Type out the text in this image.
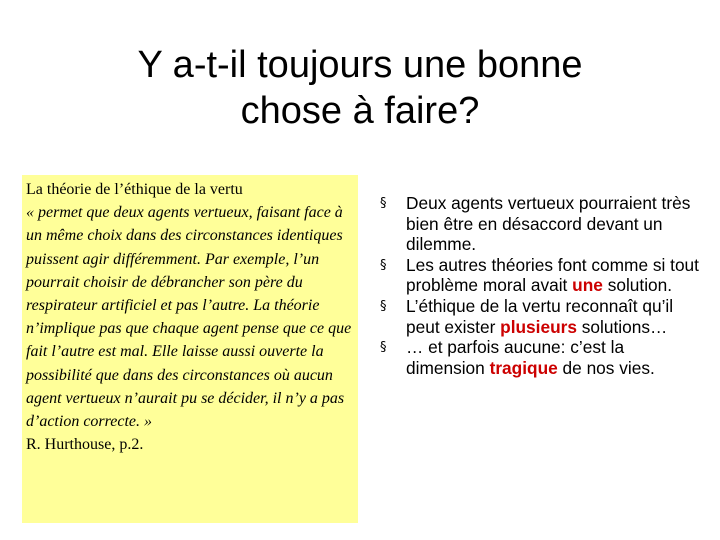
Y a-t-il toujours une bonne
chose à faire?
La théorie de l’éthique de la vertu
« permet que deux agents vertueux, faisant face à un même choix dans des circonstances identiques puissent agir différemment. Par exemple, l’un pourrait choisir de débrancher son père du respirateur artificiel et pas l’autre. La théorie n’implique pas que chaque agent pense que ce que fait l’autre est mal. Elle laisse aussi ouverte la possibilité que dans des circonstances où aucun agent vertueux n’aurait pu se décider, il n’y a pas d’action correcte. »
R. Hurthouse, p.2.
§ Deux agents vertueux pourraient très bien être en désaccord devant un dilemme.
§ Les autres théories font comme si tout problème moral avait une solution.
§ L’éthique de la vertu reconnaît qu’il peut exister plusieurs solutions…
§ … et parfois aucune: c’est la dimension tragique de nos vies.
